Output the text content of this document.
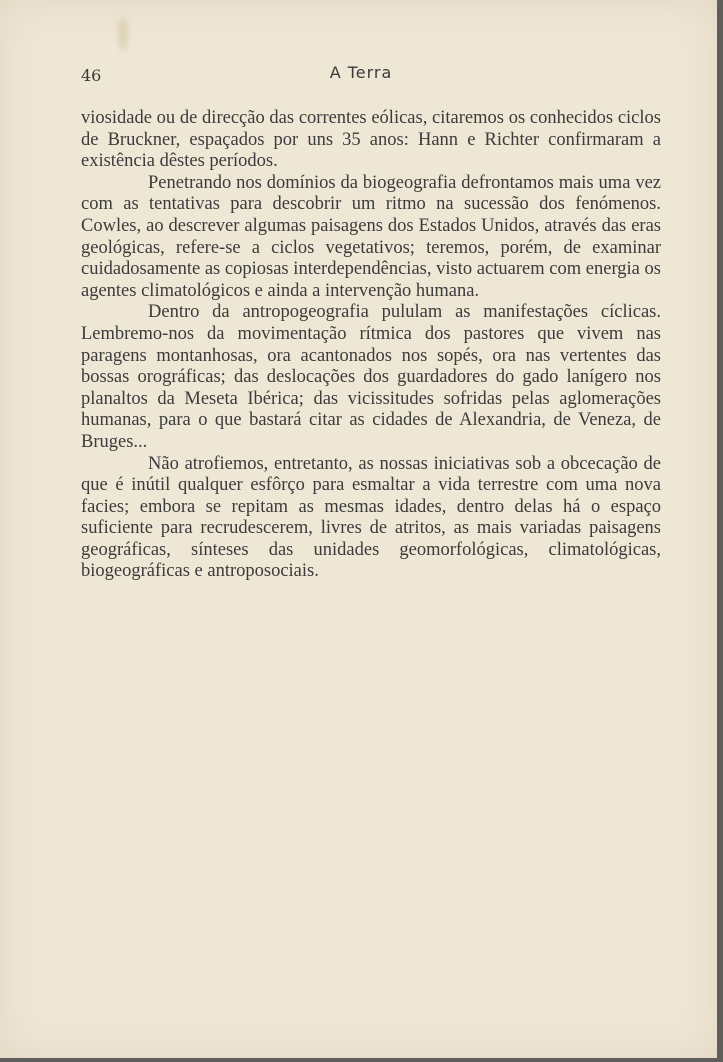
46	A Terra

viosidade ou de direcção das correntes eólicas, citaremos os conhecidos ciclos de Bruckner, espaçados por uns 35 anos: Hann e Richter confirmaram a existência dêstes períodos.

Penetrando nos domínios da biogeografia defrontamos mais uma vez com as tentativas para descobrir um ritmo na sucessão dos fenómenos. Cowles, ao descrever algumas paisagens dos Estados Unidos, através das eras geológicas, refere-se a ciclos vegetativos; teremos, porém, de examinar cuidadosamente as copiosas interdependências, visto actuarem com energia os agentes climatológicos e ainda a intervenção humana.

Dentro da antropogeografia pululam as manifestações cíclicas. Lembremo-nos da movimentação rítmica dos pastores que vivem nas paragens montanhosas, ora acantonados nos sopés, ora nas vertentes das bossas orográficas; das deslocações dos guardadores do gado lanígero nos planaltos da Meseta Ibérica; das vicissitudes sofridas pelas aglomerações humanas, para o que bastará citar as cidades de Alexandria, de Veneza, de Bruges...

Não atrofiemos, entretanto, as nossas iniciativas sob a obcecação de que é inútil qualquer esfôrço para esmaltar a vida terrestre com uma nova facies; embora se repitam as mesmas idades, dentro delas há o espaço suficiente para recrudescerem, livres de atritos, as mais variadas paisagens geográficas, sínteses das unidades geomorfológicas, climatológicas, biogeográficas e antroposociais.
